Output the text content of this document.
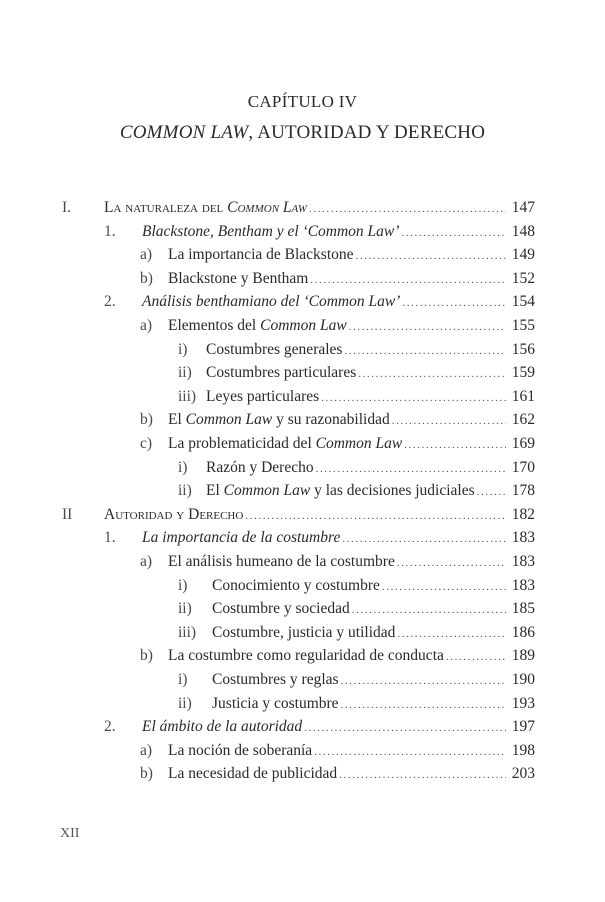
CAPÍTULO IV
COMMON LAW, AUTORIDAD Y DERECHO
I. La naturaleza del Common Law .....	147
1. Blackstone, Bentham y el ‘Common Law’ .....	148
a) La importancia de Blackstone .....	149
b) Blackstone y Bentham .....	152
2. Análisis benthamiano del ‘Common Law’ .....	154
a) Elementos del Common Law .....	155
i) Costumbres generales .....	156
ii) Costumbres particulares .....	159
iii) Leyes particulares .....	161
b) El Common Law y su razonabilidad .....	162
c) La problematicidad del Common Law .....	169
i) Razón y Derecho .....	170
ii) El Common Law y las decisiones judiciales .....	178
II Autoridad y Derecho .....	182
1. La importancia de la costumbre .....	183
a) El análisis humeano de la costumbre .....	183
i) Conocimiento y costumbre .....	183
ii) Costumbre y sociedad .....	185
iii) Costumbre, justicia y utilidad .....	186
b) La costumbre como regularidad de conducta .....	189
i) Costumbres y reglas .....	190
ii) Justicia y costumbre .....	193
2. El ámbito de la autoridad .....	197
a) La noción de soberanía .....	198
b) La necesidad de publicidad .....	203
XII
